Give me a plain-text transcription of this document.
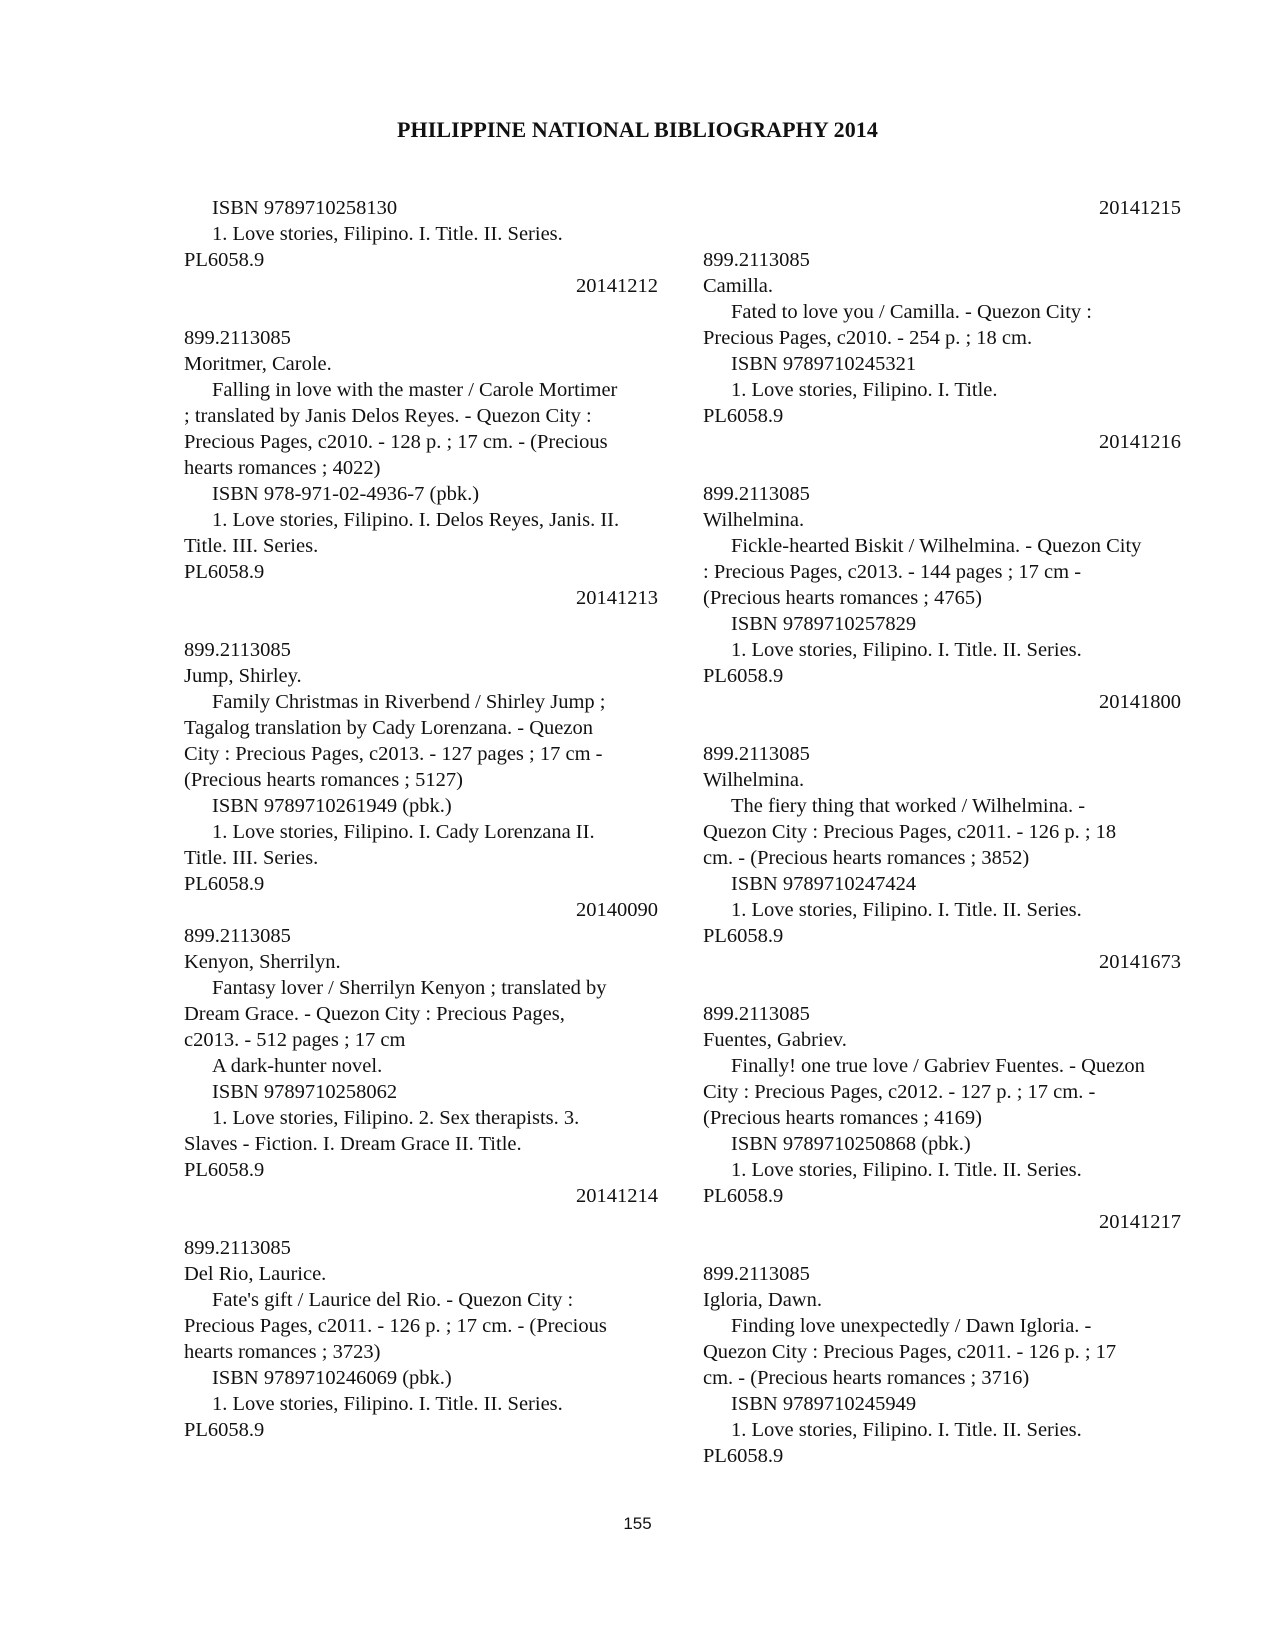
PHILIPPINE NATIONAL BIBLIOGRAPHY 2014
ISBN 9789710258130
1. Love stories, Filipino. I. Title. II. Series.
PL6058.9
20141212
899.2113085
Moritmer, Carole.
Falling in love with the master / Carole Mortimer
; translated by Janis Delos Reyes. - Quezon City :
Precious Pages, c2010. - 128 p. ; 17 cm. - (Precious
hearts romances ; 4022)
ISBN 978-971-02-4936-7 (pbk.)
1. Love stories, Filipino. I. Delos Reyes, Janis. II.
Title. III. Series.
PL6058.9
20141213
899.2113085
Jump, Shirley.
Family Christmas in Riverbend / Shirley Jump ;
Tagalog translation by Cady Lorenzana. - Quezon
City : Precious Pages, c2013. - 127 pages ; 17 cm -
(Precious hearts romances ; 5127)
ISBN 9789710261949 (pbk.)
1. Love stories, Filipino. I. Cady Lorenzana II.
Title. III. Series.
PL6058.9
20140090
899.2113085
Kenyon, Sherrilyn.
Fantasy lover / Sherrilyn Kenyon ; translated by
Dream Grace. - Quezon City : Precious Pages,
c2013. - 512 pages ; 17 cm
A dark-hunter novel.
ISBN 9789710258062
1. Love stories, Filipino. 2. Sex therapists. 3.
Slaves - Fiction. I. Dream Grace II. Title.
PL6058.9
20141214
899.2113085
Del Rio, Laurice.
Fate's gift / Laurice del Rio. - Quezon City :
Precious Pages, c2011. - 126 p. ; 17 cm. - (Precious
hearts romances ; 3723)
ISBN 9789710246069 (pbk.)
1. Love stories, Filipino. I. Title. II. Series.
PL6058.9
20141215
899.2113085
Camilla.
Fated to love you / Camilla. - Quezon City :
Precious Pages, c2010. - 254 p. ; 18 cm.
ISBN 9789710245321
1. Love stories, Filipino. I. Title.
PL6058.9
20141216
899.2113085
Wilhelmina.
Fickle-hearted Biskit / Wilhelmina. - Quezon City
: Precious Pages, c2013. - 144 pages ; 17 cm -
(Precious hearts romances ; 4765)
ISBN 9789710257829
1. Love stories, Filipino. I. Title. II. Series.
PL6058.9
20141800
899.2113085
Wilhelmina.
The fiery thing that worked / Wilhelmina. -
Quezon City : Precious Pages, c2011. - 126 p. ; 18
cm. - (Precious hearts romances ; 3852)
ISBN 9789710247424
1. Love stories, Filipino. I. Title. II. Series.
PL6058.9
20141673
899.2113085
Fuentes, Gabriev.
Finally! one true love / Gabriev Fuentes. - Quezon
City : Precious Pages, c2012. - 127 p. ; 17 cm. -
(Precious hearts romances ; 4169)
ISBN 9789710250868 (pbk.)
1. Love stories, Filipino. I. Title. II. Series.
PL6058.9
20141217
899.2113085
Igloria, Dawn.
Finding love unexpectedly / Dawn Igloria. -
Quezon City : Precious Pages, c2011. - 126 p. ; 17
cm. - (Precious hearts romances ; 3716)
ISBN 9789710245949
1. Love stories, Filipino. I. Title. II. Series.
PL6058.9
155
